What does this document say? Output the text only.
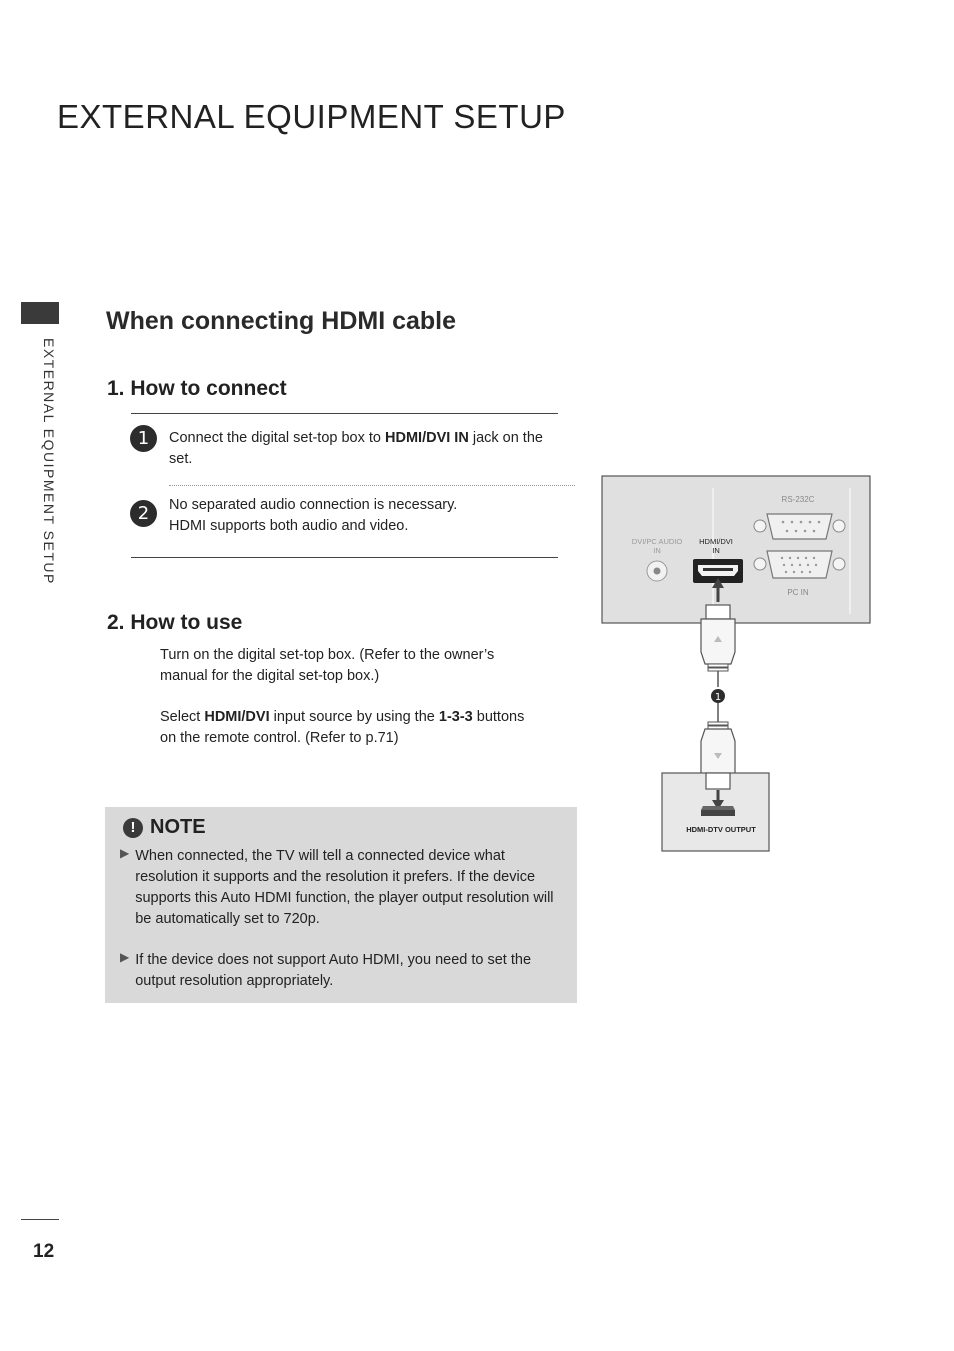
EXTERNAL EQUIPMENT SETUP
EXTERNAL EQUIPMENT SETUP
When connecting HDMI cable
1. How to connect
1	Connect the digital set-top box to HDMI/DVI IN jack on the set.
2	No separated audio connection is necessary.
HDMI supports both audio and video.
2. How to use
Turn on the digital set-top box. (Refer to the owner’s manual for the digital set-top box.)
Select HDMI/DVI input source by using the 1-3-3 buttons on the remote control. (Refer to p.71)
! NOTE
▶ When connected, the TV will tell a connected device what resolution it supports and the resolution it prefers. If the device supports this Auto HDMI function, the player output resolution will be automatically set to 720p.
▶ If the device does not support Auto HDMI, you need to set the output resolution appropriately.
RS-232C
PC IN
DVI/PC AUDIO
IN
HDMI/DVI
IN
1
HDMI-DTV OUTPUT
12
